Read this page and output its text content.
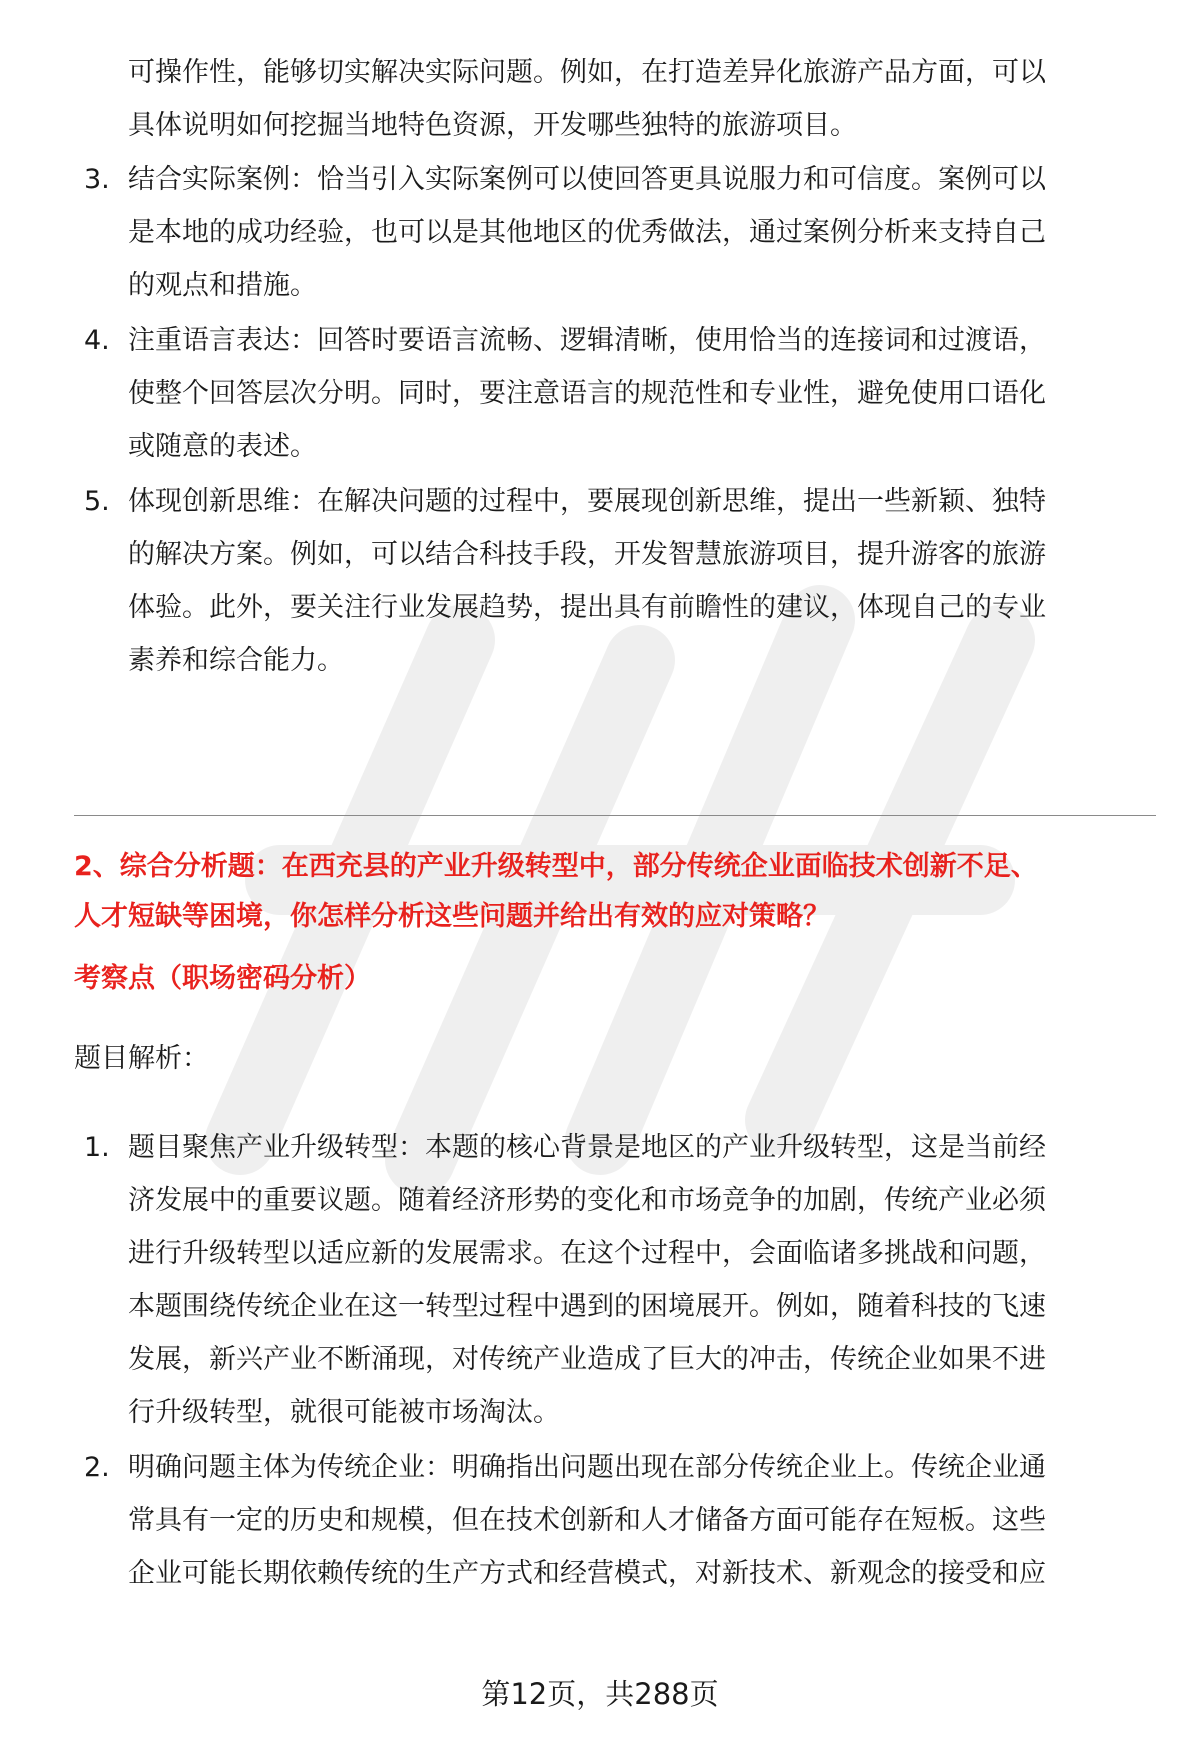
可操作性，能够切实解决实际问题。例如，在打造差异化旅游产品方面，可以
具体说明如何挖掘当地特色资源，开发哪些独特的旅游项目。
3. 结合实际案例：恰当引入实际案例可以使回答更具说服力和可信度。案例可以
是本地的成功经验，也可以是其他地区的优秀做法，通过案例分析来支持自己
的观点和措施。
4. 注重语言表达：回答时要语言流畅、逻辑清晰，使用恰当的连接词和过渡语，
使整个回答层次分明。同时，要注意语言的规范性和专业性，避免使用口语化
或随意的表述。
5. 体现创新思维：在解决问题的过程中，要展现创新思维，提出一些新颖、独特
的解决方案。例如，可以结合科技手段，开发智慧旅游项目，提升游客的旅游
体验。此外，要关注行业发展趋势，提出具有前瞻性的建议，体现自己的专业
素养和综合能力。
2、综合分析题：在西充县的产业升级转型中，部分传统企业面临技术创新不足、
人才短缺等困境，你怎样分析这些问题并给出有效的应对策略？
考察点（职场密码分析）
题目解析：
1. 题目聚焦产业升级转型：本题的核心背景是地区的产业升级转型，这是当前经
济发展中的重要议题。随着经济形势的变化和市场竞争的加剧，传统产业必须
进行升级转型以适应新的发展需求。在这个过程中，会面临诸多挑战和问题，
本题围绕传统企业在这一转型过程中遇到的困境展开。例如，随着科技的飞速
发展，新兴产业不断涌现，对传统产业造成了巨大的冲击，传统企业如果不进
行升级转型，就很可能被市场淘汰。
2. 明确问题主体为传统企业：明确指出问题出现在部分传统企业上。传统企业通
常具有一定的历史和规模，但在技术创新和人才储备方面可能存在短板。这些
企业可能长期依赖传统的生产方式和经营模式，对新技术、新观念的接受和应
第12页，共288页
